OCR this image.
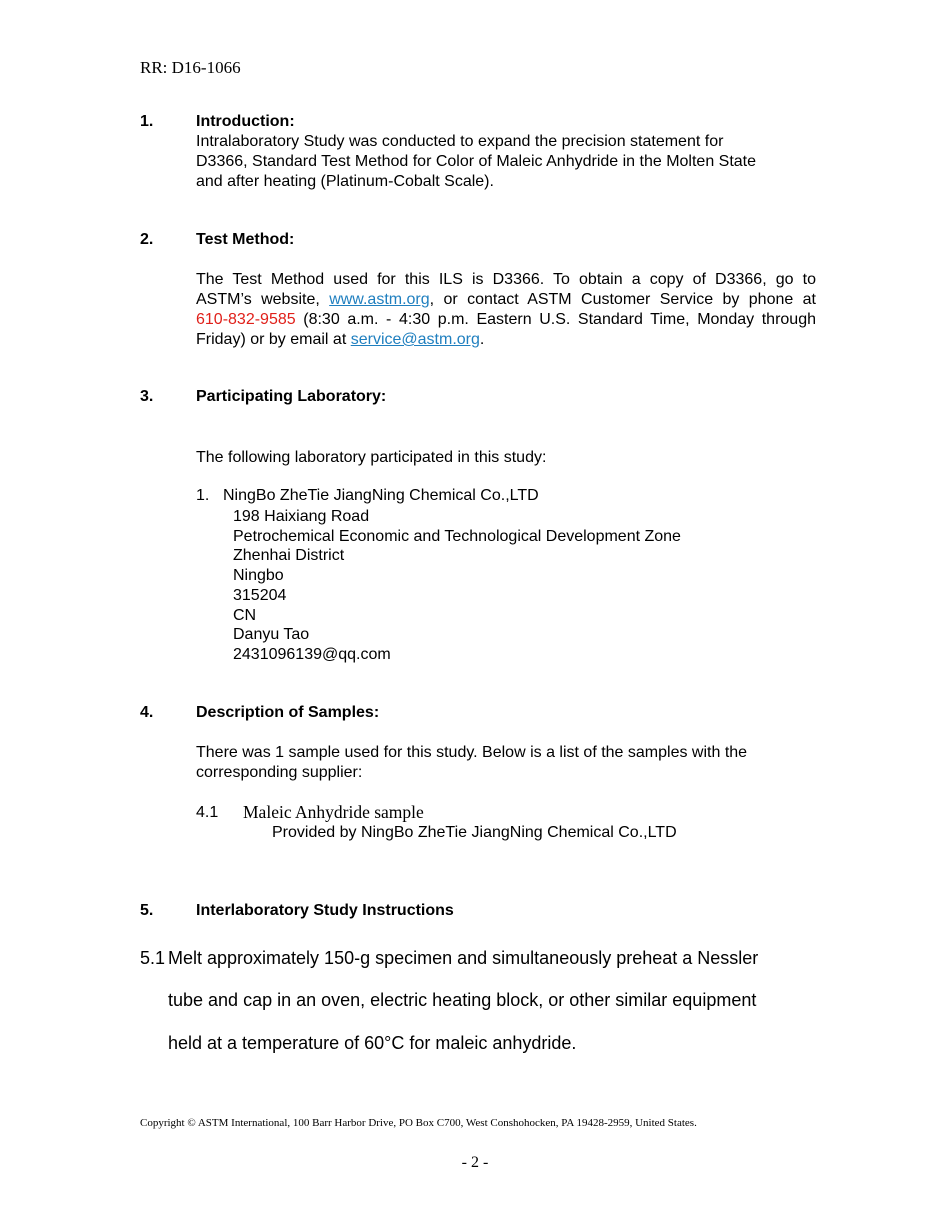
RR: D16-1066
1.	Introduction:
Intralaboratory Study was conducted to expand the precision statement for
D3366, Standard Test Method for Color of Maleic Anhydride in the Molten State
and after heating (Platinum-Cobalt Scale).
2.	Test Method:
The Test Method used for this ILS is D3366. To obtain a copy of D3366, go to
ASTM’s website, www.astm.org, or contact ASTM Customer Service by phone at
610-832-9585 (8:30 a.m. - 4:30 p.m. Eastern U.S. Standard Time, Monday through
Friday) or by email at service@astm.org.
3.	Participating Laboratory:
The following laboratory participated in this study:
1. NingBo ZheTie JiangNing Chemical Co.,LTD
198 Haixiang Road
Petrochemical Economic and Technological Development Zone
Zhenhai District
Ningbo
315204
CN
Danyu Tao
2431096139@qq.com
4.	Description of Samples:
There was 1 sample used for this study. Below is a list of the samples with the
corresponding supplier:
4.1 Maleic Anhydride sample
Provided by NingBo ZheTie JiangNing Chemical Co.,LTD
5.	Interlaboratory Study Instructions
5.1 Melt approximately 150-g specimen and simultaneously preheat a Nessler
tube and cap in an oven, electric heating block, or other similar equipment
held at a temperature of 60°C for maleic anhydride.
Copyright © ASTM International, 100 Barr Harbor Drive, PO Box C700, West Conshohocken, PA 19428-2959, United States.
- 2 -
